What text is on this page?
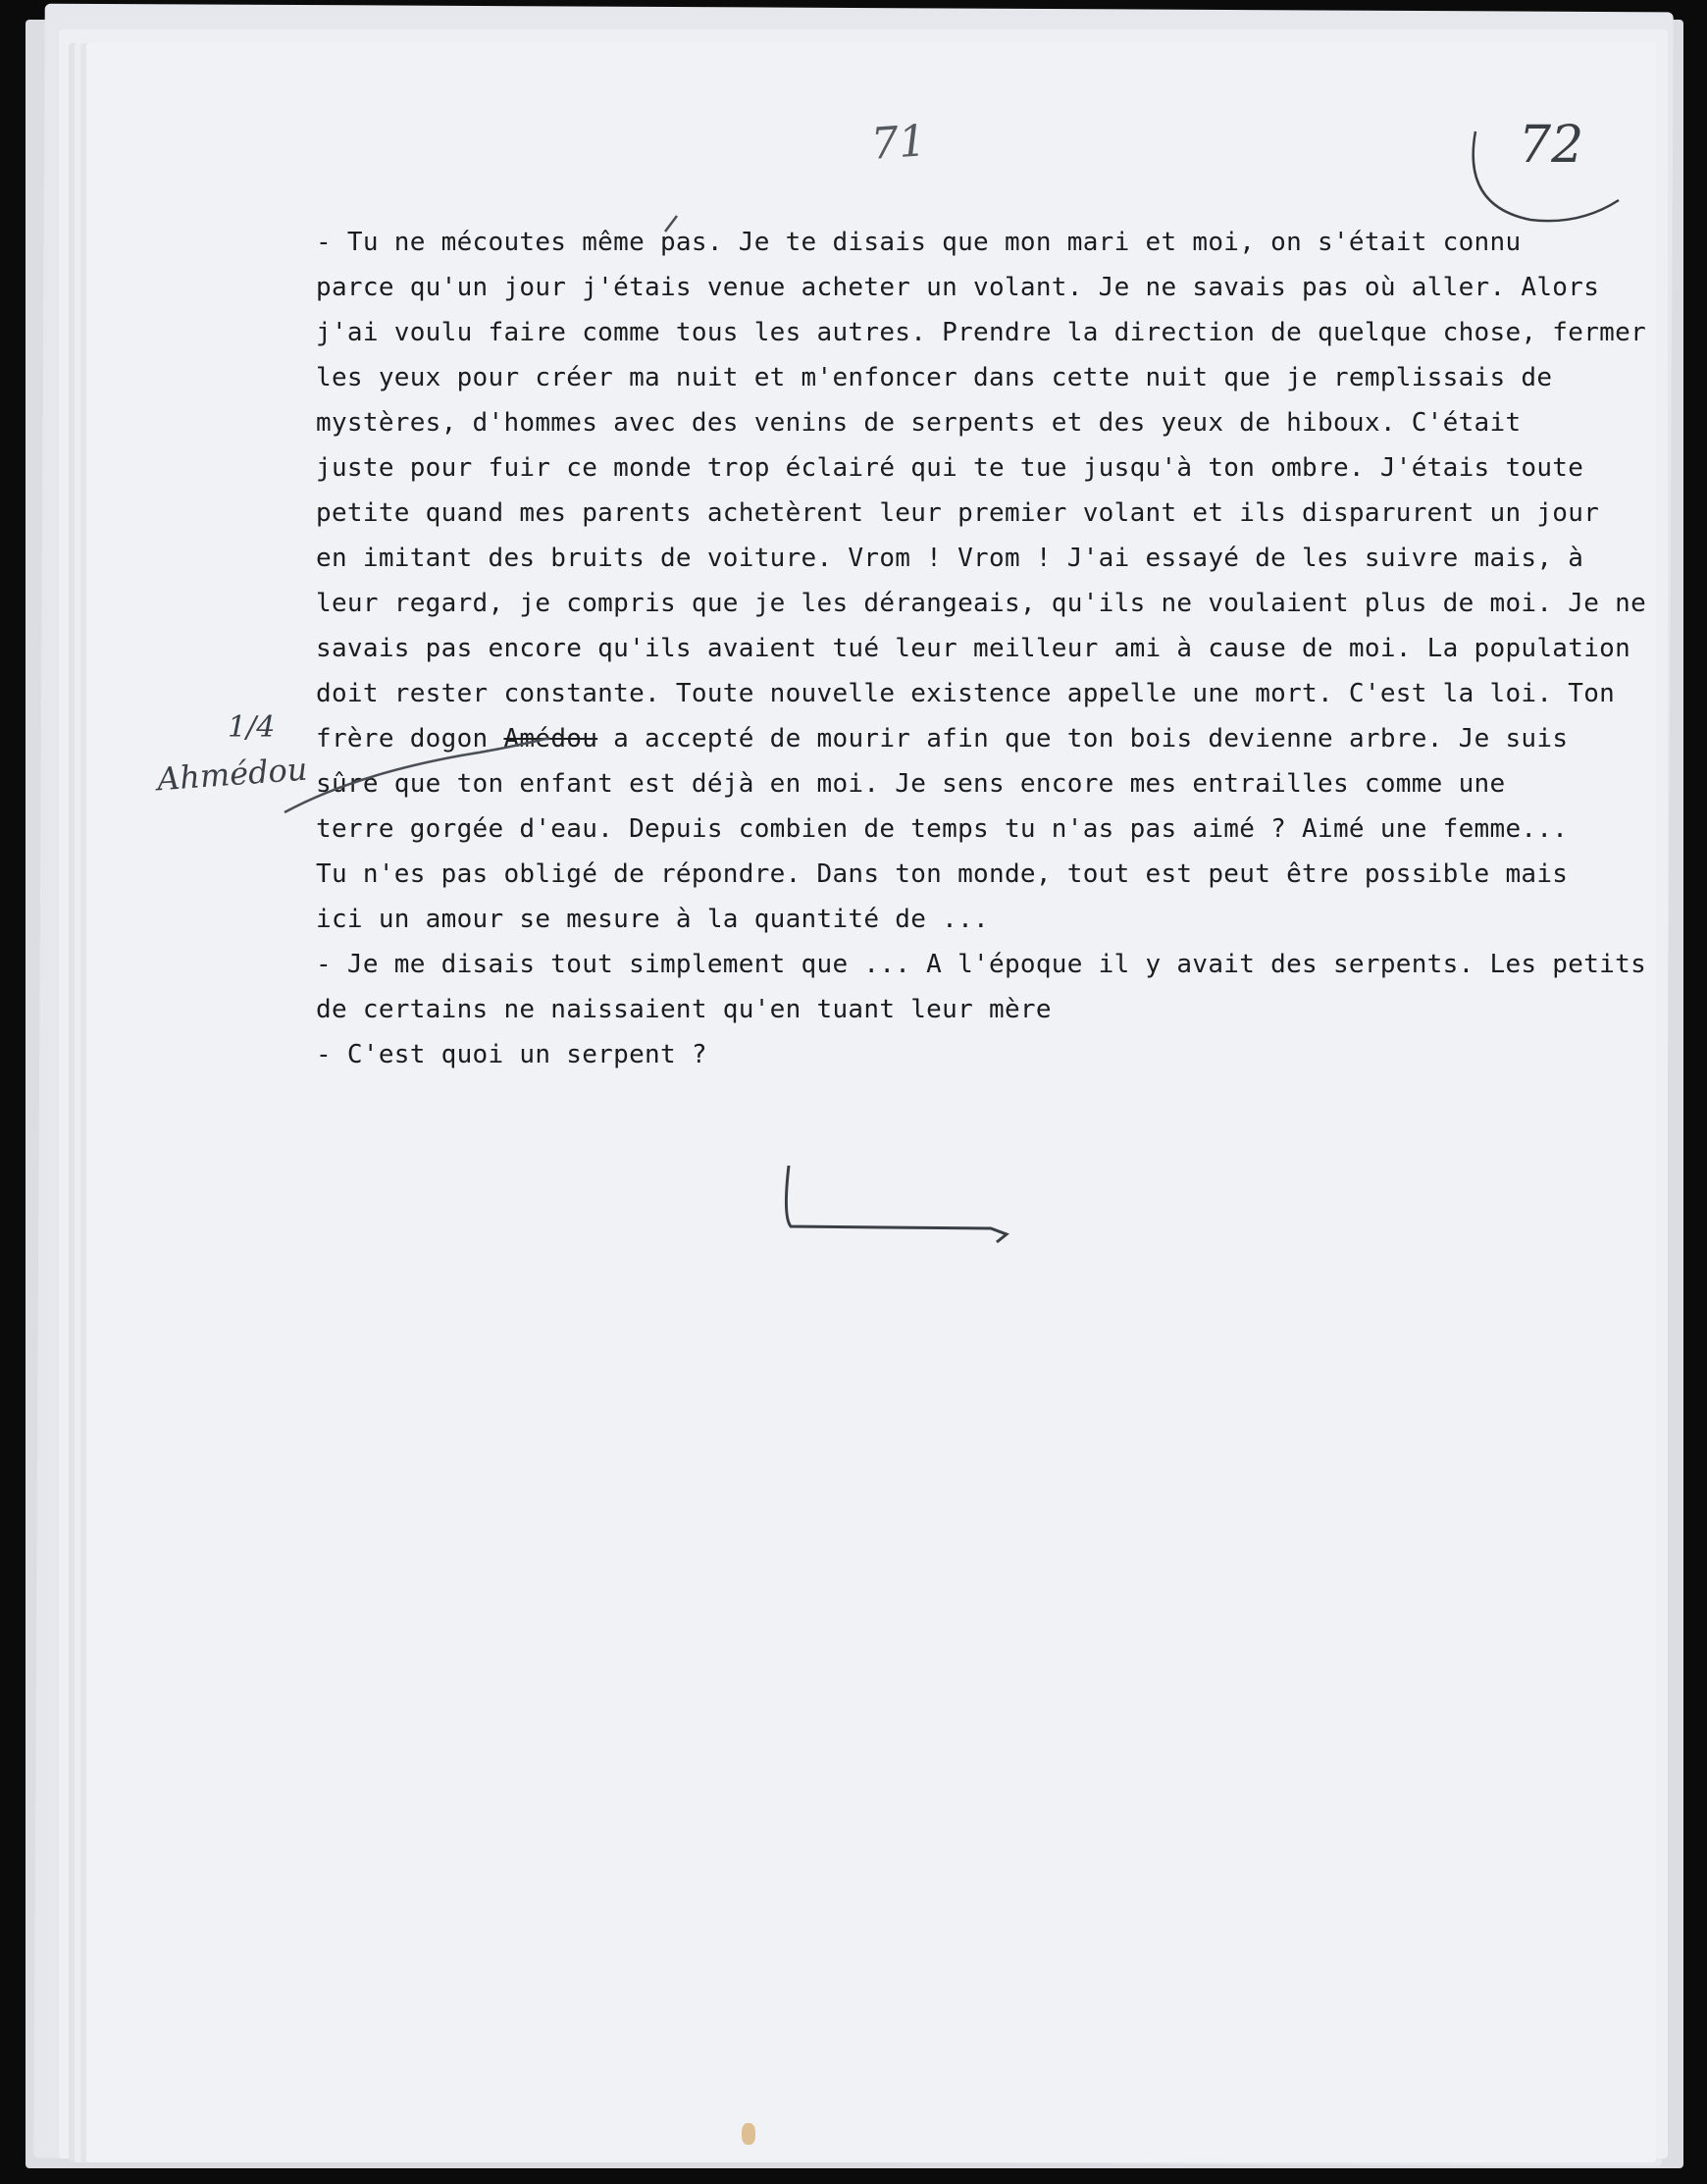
71	72
- Tu ne mécoutes même pas. Je te disais que mon mari et moi, on s'était connu
parce qu'un jour j'étais venue acheter un volant. Je ne savais pas où aller. Alors
j'ai voulu faire comme tous les autres. Prendre la direction de quelque chose, fermer
les yeux pour créer ma nuit et m'enfoncer dans cette nuit que je remplissais de
mystères, d'hommes avec des venins de serpents et des yeux de hiboux. C'était
juste pour fuir ce monde trop éclairé qui te tue jusqu'à ton ombre. J'étais toute
petite quand mes parents achetèrent leur premier volant et ils disparurent un jour
en imitant des bruits de voiture. Vrom ! Vrom ! J'ai essayé de les suivre mais, à
leur regard, je compris que je les dérangeais, qu'ils ne voulaient plus de moi. Je ne
savais pas encore qu'ils avaient tué leur meilleur ami à cause de moi. La population
doit rester constante. Toute nouvelle existence appelle une mort. C'est la loi. Ton
frère dogon Amédou a accepté de mourir afin que ton bois devienne arbre. Je suis
sûre que ton enfant est déjà en moi. Je sens encore mes entrailles comme une
terre gorgée d'eau. Depuis combien de temps tu n'as pas aimé ? Aimé une femme...
Tu n'es pas obligé de répondre. Dans ton monde, tout est peut être possible mais
ici un amour se mesure à la quantité de ...
- Je me disais tout simplement que ... A l'époque il y avait des serpents. Les petits
de certains ne naissaient qu'en tuant leur mère
- C'est quoi un serpent ?
1/4
Ahmédou
